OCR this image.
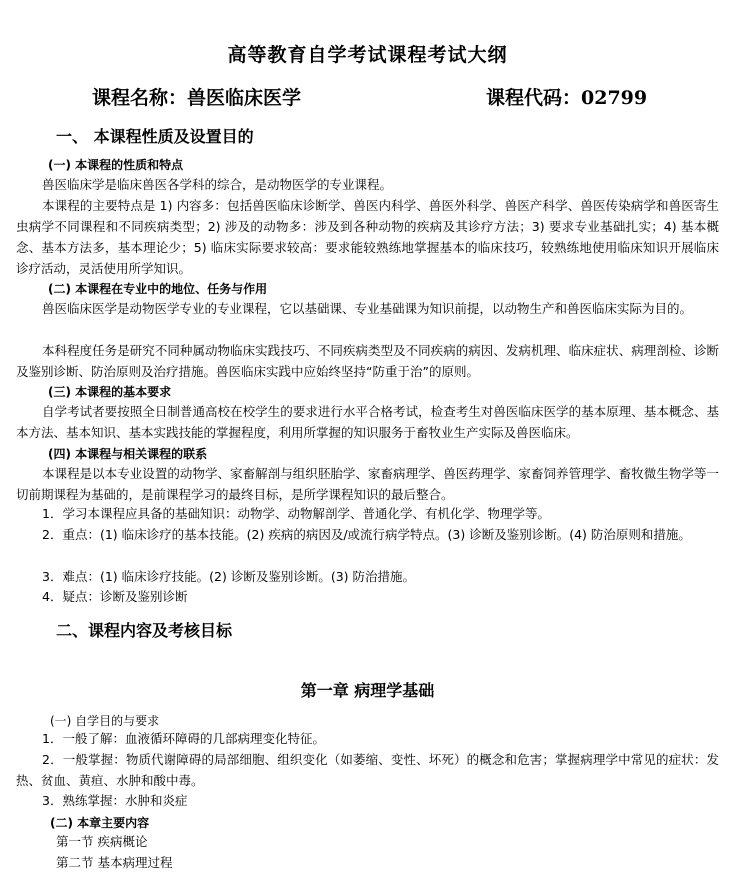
高等教育自学考试课程考试大纲
课程名称：兽医临床医学	课程代码：02799
一、 本课程性质及设置目的
(一) 本课程的性质和特点
兽医临床学是临床兽医各学科的综合，是动物医学的专业课程。
本课程的主要特点是 1) 内容多：包括兽医临床诊断学、兽医内科学、兽医外科学、兽医产科学、兽医传染病学和兽医寄生虫病学不同课程和不同疾病类型；2) 涉及的动物多：涉及到各种动物的疾病及其诊疗方法；3) 要求专业基础扎实；4) 基本概念、基本方法多，基本理论少；5) 临床实际要求较高：要求能较熟练地掌握基本的临床技巧，较熟练地使用临床知识开展临床诊疗活动，灵活使用所学知识。
(二) 本课程在专业中的地位、任务与作用
兽医临床医学是动物医学专业的专业课程，它以基础课、专业基础课为知识前提，以动物生产和兽医临床实际为目的。
本科程度任务是研究不同种属动物临床实践技巧、不同疾病类型及不同疾病的病因、发病机理、临床症状、病理剖检、诊断及鉴别诊断、防治原则及治疗措施。兽医临床实践中应始终坚持“防重于治”的原则。
(三) 本课程的基本要求
自学考试者要按照全日制普通高校在校学生的要求进行水平合格考试，检查考生对兽医临床医学的基本原理、基本概念、基本方法、基本知识、基本实践技能的掌握程度，利用所掌握的知识服务于畜牧业生产实际及兽医临床。
(四) 本课程与相关课程的联系
本课程是以本专业设置的动物学、家畜解剖与组织胚胎学、家畜病理学、兽医药理学、家畜饲养管理学、畜牧微生物学等一切前期课程为基础的，是前课程学习的最终目标，是所学课程知识的最后整合。
1．学习本课程应具备的基础知识：动物学、动物解剖学、普通化学、有机化学、物理学等。
2．重点：(1) 临床诊疗的基本技能。(2) 疾病的病因及/或流行病学特点。(3) 诊断及鉴别诊断。(4) 防治原则和措施。
3．难点：(1) 临床诊疗技能。(2) 诊断及鉴别诊断。(3) 防治措施。
4．疑点：诊断及鉴别诊断
二、课程内容及考核目标
第一章 病理学基础
(一) 自学目的与要求
1．一般了解：血液循环障碍的几部病理变化特征。
2．一般掌握：物质代谢障碍的局部细胞、组织变化（如萎缩、变性、坏死）的概念和危害；掌握病理学中常见的症状：发热、贫血、黄疸、水肿和酸中毒。
3．熟练掌握：水肿和炎症
(二) 本章主要内容
第一节 疾病概论
第二节 基本病理过程
